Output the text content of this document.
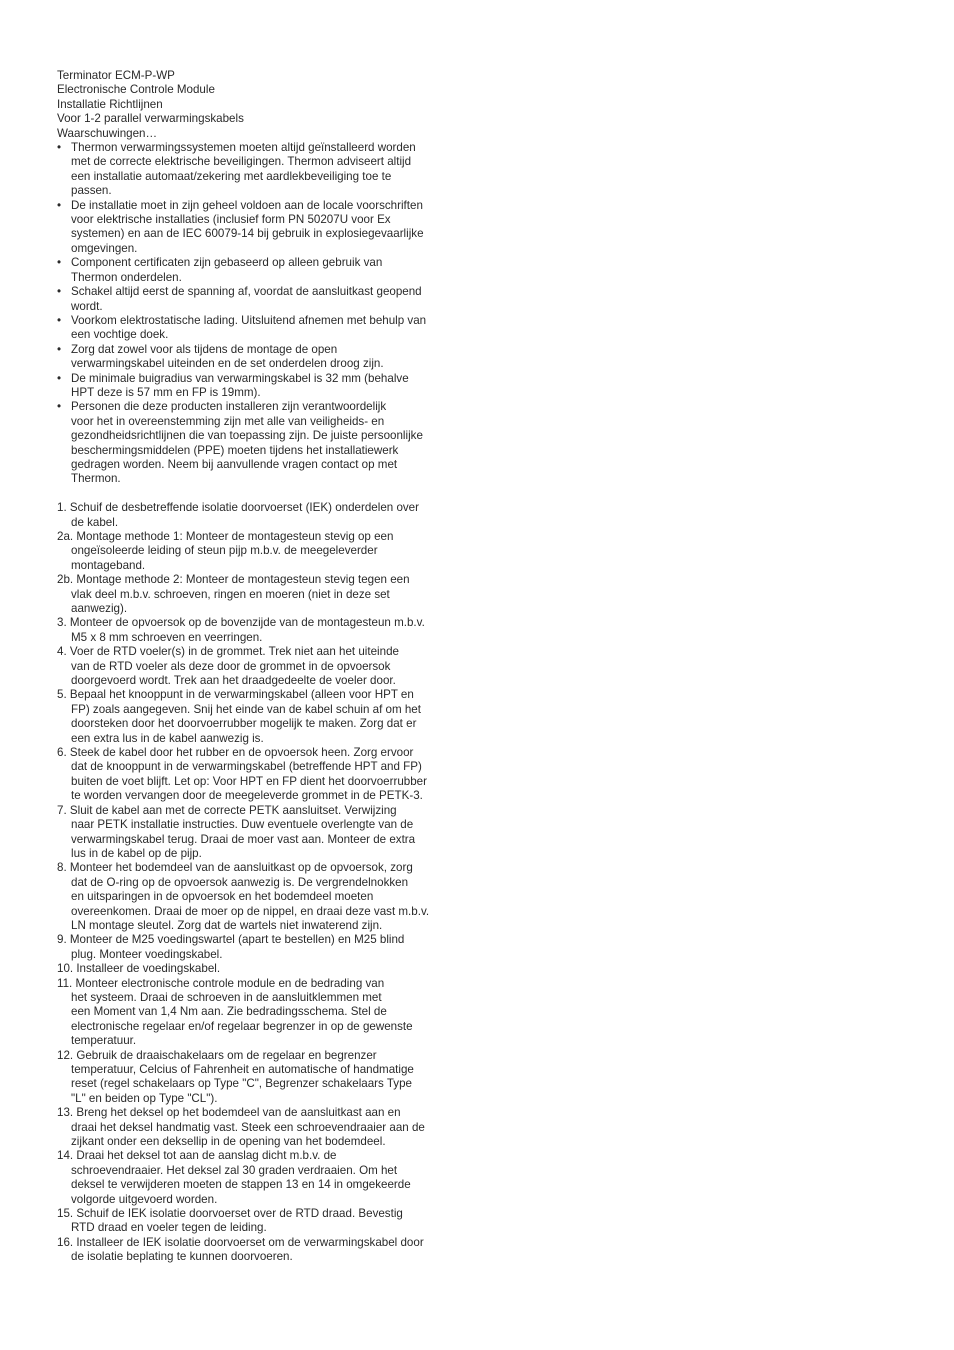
Terminator ECM-P-WP
Electronische Controle Module
Installatie Richtlijnen
Voor 1-2 parallel verwarmingskabels
Waarschuwingen…
• Thermon verwarmingssystemen moeten altijd geïnstalleerd worden
met de correcte elektrische beveiligingen. Thermon adviseert altijd
een installatie automaat/zekering met aardlekbeveiliging toe te
passen.
• De installatie moet in zijn geheel voldoen aan de locale voorschriften
voor elektrische installaties (inclusief form PN 50207U voor Ex
systemen) en aan de IEC 60079-14 bij gebruik in explosiegevaarlijke
omgevingen.
• Component certificaten zijn gebaseerd op alleen gebruik van
Thermon onderdelen.
• Schakel altijd eerst de spanning af, voordat de aansluitkast geopend
wordt.
• Voorkom elektrostatische lading. Uitsluitend afnemen met behulp van
een vochtige doek.
• Zorg dat zowel voor als tijdens de montage de open
verwarmingskabel uiteinden en de set onderdelen droog zijn.
• De minimale buigradius van verwarmingskabel is 32 mm (behalve
HPT deze is 57 mm en FP is 19mm).
• Personen die deze producten installeren zijn verantwoordelijk
voor het in overeenstemming zijn met alle van veiligheids- en
gezondheidsrichtlijnen die van toepassing zijn. De juiste persoonlijke
beschermingsmiddelen (PPE) moeten tijdens het installatiewerk
gedragen worden. Neem bij aanvullende vragen contact op met
Thermon.
1. Schuif de desbetreffende isolatie doorvoerset (IEK) onderdelen over
de kabel.
2a. Montage methode 1: Monteer de montagesteun stevig op een
ongeïsoleerde leiding of steun pijp m.b.v. de meegeleverder
montageband.
2b. Montage methode 2: Monteer de montagesteun stevig tegen een
vlak deel m.b.v. schroeven, ringen en moeren (niet in deze set
aanwezig).
3. Monteer de opvoersok op de bovenzijde van de montagesteun m.b.v.
M5 x 8 mm schroeven en veerringen.
4. Voer de RTD voeler(s) in de grommet. Trek niet aan het uiteinde
van de RTD voeler als deze door de grommet in de opvoersok
doorgevoerd wordt. Trek aan het draadgedeelte de voeler door.
5. Bepaal het knooppunt in de verwarmingskabel (alleen voor HPT en
FP) zoals aangegeven. Snij het einde van de kabel schuin af om het
doorsteken door het doorvoerrubber mogelijk te maken. Zorg dat er
een extra lus in de kabel aanwezig is.
6. Steek de kabel door het rubber en de opvoersok heen. Zorg ervoor
dat de knooppunt in de verwarmingskabel (betreffende HPT and FP)
buiten de voet blijft. Let op: Voor HPT en FP dient het doorvoerrubber
te worden vervangen door de meegeleverde grommet in de PETK-3.
7. Sluit de kabel aan met de correcte PETK aansluitset. Verwijzing
naar PETK installatie instructies. Duw eventuele overlengte van de
verwarmingskabel terug. Draai de moer vast aan. Monteer de extra
lus in de kabel op de pijp.
8. Monteer het bodemdeel van de aansluitkast op de opvoersok, zorg
dat de O-ring op de opvoersok aanwezig is. De vergrendelnokken
en uitsparingen in de opvoersok en het bodemdeel moeten
overeenkomen. Draai de moer op de nippel, en draai deze vast m.b.v.
LN montage sleutel. Zorg dat de wartels niet inwaterend zijn.
9. Monteer de M25 voedingswartel (apart te bestellen) en M25 blind
plug. Monteer voedingskabel.
10. Installeer de voedingskabel.
11. Monteer electronische controle module en de bedrading van
het systeem. Draai de schroeven in de aansluitklemmen met
een Moment van 1,4 Nm aan. Zie bedradingsschema. Stel de
electronische regelaar en/of regelaar begrenzer in op de gewenste
temperatuur.
12. Gebruik de draaischakelaars om de regelaar en begrenzer
temperatuur, Celcius of Fahrenheit en automatische of handmatige
reset (regel schakelaars op Type "C", Begrenzer schakelaars Type
"L" en beiden op Type "CL").
13. Breng het deksel op het bodemdeel van de aansluitkast aan en
draai het deksel handmatig vast. Steek een schroevendraaier aan de
zijkant onder een deksellip in de opening van het bodemdeel.
14. Draai het deksel tot aan de aanslag dicht m.b.v. de
schroevendraaier. Het deksel zal 30 graden verdraaien. Om het
deksel te verwijderen moeten de stappen 13 en 14 in omgekeerde
volgorde uitgevoerd worden.
15. Schuif de IEK isolatie doorvoerset over de RTD draad. Bevestig
RTD draad en voeler tegen de leiding.
16. Installeer de IEK isolatie doorvoerset om de verwarmingskabel door
de isolatie beplating te kunnen doorvoeren.
